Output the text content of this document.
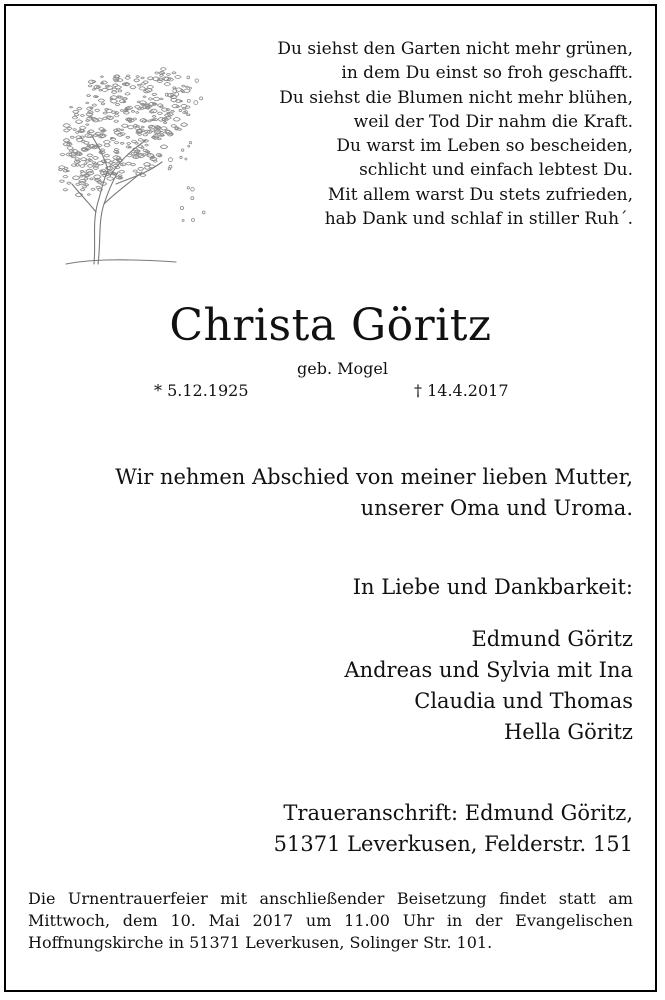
Du siehst den Garten nicht mehr grünen,
in dem Du einst so froh geschafft.
Du siehst die Blumen nicht mehr blühen,
weil der Tod Dir nahm die Kraft.
Du warst im Leben so bescheiden,
schlicht und einfach lebtest Du.
Mit allem warst Du stets zufrieden,
hab Dank und schlaf in stiller Ruh´.
Christa Göritz
geb. Mogel
* 5.12.1925	† 14.4.2017
Wir nehmen Abschied von meiner lieben Mutter,
unserer Oma und Uroma.
In Liebe und Dankbarkeit:
Edmund Göritz
Andreas und Sylvia mit Ina
Claudia und Thomas
Hella Göritz
Traueranschrift: Edmund Göritz,
51371 Leverkusen, Felderstr. 151
Die Urnentrauerfeier mit anschließender Beisetzung findet statt am
Mittwoch, dem 10. Mai 2017 um 11.00 Uhr in der Evangelischen
Hoffnungskirche in 51371 Leverkusen, Solinger Str. 101.
